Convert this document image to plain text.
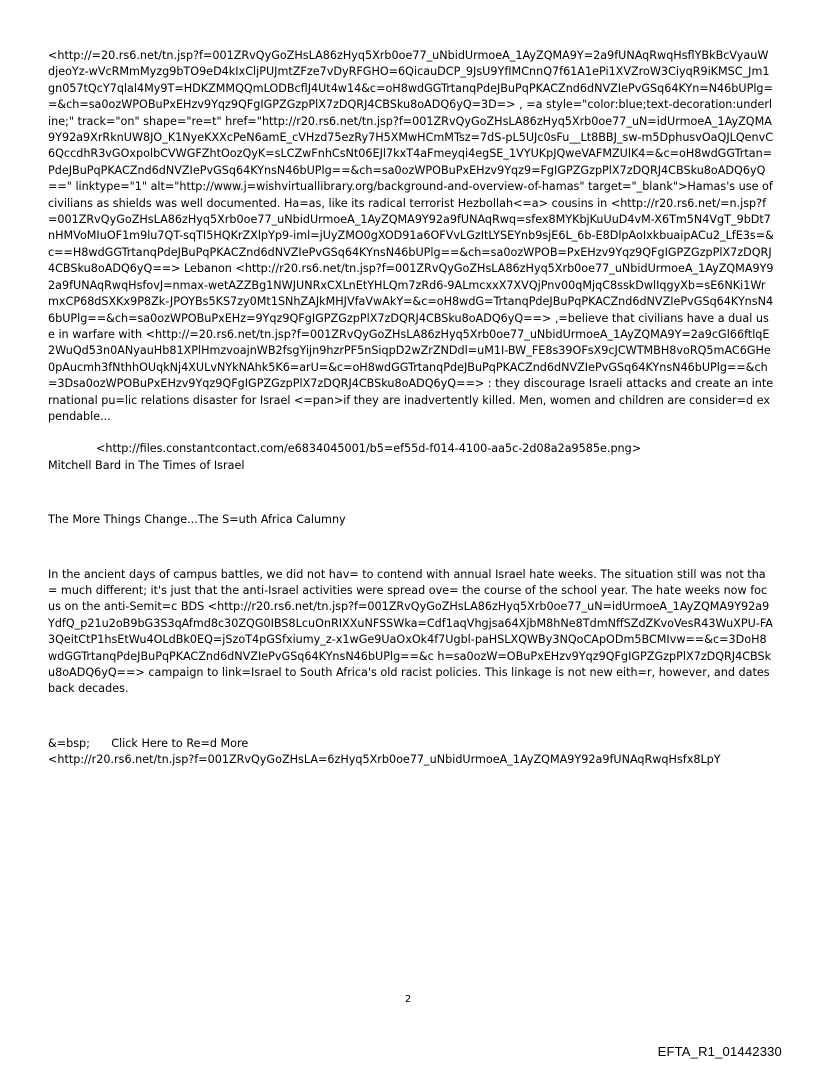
<http://=20.rs6.net/tn.jsp?f=001ZRvQyGoZHsLA86zHyq5Xrb0oe77_uNbidUrmoeA_1AyZQMA9Y=2a9fUNAqRwqHsflYBkBcVyauWdjeoYz-wVcRMmMyzg9bTO9eD4kIxCljPUJmtZFze7vDyRFGHO=6QicauDCP_9JsU9YfIMCnnQ7f61A1ePi1XVZroW3CiyqR9iKMSC_Jm1gn057tQcY7qlal4My9T=HDKZMMQQmLODBcflJ4Ut4w14&c=oH8wdGGTrtanqPdeJBuPqPKACZnd6dNVZIePvGSq64KYn=N46bUPlg==&ch=sa0ozWPOBuPxEHzv9Yqz9QFgIGPZGzpPlX7zDQRJ4CBSku8oADQ6yQ=3D=> , =a style="color:blue;text-decoration:underline;" track="on" shape="re=t" href="http://r20.rs6.net/tn.jsp?f=001ZRvQyGoZHsLA86zHyq5Xrb0oe77_uN=idUrmoeA_1AyZQMA9Y92a9XrRknUW8JO_K1NyeKXXcPeN6amE_cVHzd75ezRy7H5XMwHCmMTsz=7dS-pL5UJc0sFu__Lt8BBJ_sw-m5DphusvOaQJLQenvC6QccdhR3vGOxpolbCVWGFZhtOozQyK=sLCZwFnhCsNt06EJl7kxT4aFmeyqi4egSE_1VYUKpJQweVAFMZUlK4=&c=oH8wdGGTrtan=PdeJBuPqPKACZnd6dNVZIePvGSq64KYnsN46bUPlg==&ch=sa0ozWPOBuPxEHzv9Yqz9=FgIGPZGzpPlX7zDQRJ4CBSku8oADQ6yQ==" linktype="1" alt="http://www.j=wishvirtuallibrary.org/background-and-overview-of-hamas" target="_blank">Hamas's use of civilians as shields was well documented. Ha=as, like its radical terrorist Hezbollah<=a> cousins in <http://r20.rs6.net/=n.jsp?f=001ZRvQyGoZHsLA86zHyq5Xrb0oe77_uNbidUrmoeA_1AyZQMA9Y92a9fUNAqRwq=sfex8MYKbjKuUuD4vM-X6Tm5N4VgT_9bDt7nHMVoMIuOF1m9lu7QT-sqTI5HQKrZXlpYp9-iml=jUyZMO0gXOD91a6OFVvLGzItLYSEYnb9sjE6L_6b-E8DlpAoIxkbuaipACu2_LfE3s=&c==H8wdGGTrtanqPdeJBuPqPKACZnd6dNVZIePvGSq64KYnsN46bUPlg==&ch=sa0ozWPOB=PxEHzv9Yqz9QFgIGPZGzpPlX7zDQRJ4CBSku8oADQ6yQ==> Lebanon <http://r20.rs6.net/tn.jsp?f=001ZRvQyGoZHsLA86zHyq5Xrb0oe77_uNbidUrmoeA_1AyZQMA9Y92a9fUNAqRwqHsfovJ=nmax-wetAZZBg1NWJUNRxCXLnEtYHLQm7zRd6-9ALmcxxX7XVQjPnv00qMjqC8sskDwlIqgyXb=sE6NKi1WrmxCP68dSXKx9P8Zk-JPOYBs5KS7zy0Mt1SNhZAJkMHJVfaVwAkY=&c=oH8wdG=TrtanqPdeJBuPqPKACZnd6dNVZIePvGSq64KYnsN46bUPlg==&ch=sa0ozWPOBuPxEHz=9Yqz9QFgIGPZGzpPlX7zDQRJ4CBSku8oADQ6yQ==> ,=believe that civilians have a dual use in warfare with <http://=20.rs6.net/tn.jsp?f=001ZRvQyGoZHsLA86zHyq5Xrb0oe77_uNbidUrmoeA_1AyZQMA9Y=2a9cGl66ftlqE2WuQd53n0ANyauHb81XPlHmzvoajnWB2fsgYijn9hzrPF5nSiqpD2wZrZNDdl=uM1I-BW_FE8s39OFsX9cJCWTMBH8voRQ5mAC6GHe0pAucmh3fNthhOUqkNj4XULvNYkNAhk5K6=arU=&c=oH8wdGGTrtanqPdeJBuPqPKACZnd6dNVZIePvGSq64KYnsN46bUPlg==&ch=3Dsa0ozWPOBuPxEHzv9Yqz9QFgIGPZGzpPlX7zDQRJ4CBSku8oADQ6yQ==> : they discourage Israeli attacks and create an international pu=lic relations disaster for Israel <=pan>if they are inadvertently killed. Men, women and children are consider=d expendable...

<http://files.constantcontact.com/e6834045001/b5=ef55d-f014-4100-aa5c-2d08a2a9585e.png>

Mitchell Bard in The Times of Israel

The More Things Change...The S=uth Africa Calumny

In the ancient days of campus battles, we did not hav= to contend with annual Israel hate weeks. The situation still was not tha= much different; it's just that the anti-Israel activities were spread ove= the course of the school year. The hate weeks now focus on the anti-Semit=c BDS <http://r20.rs6.net/tn.jsp?f=001ZRvQyGoZHsLA86zHyq5Xrb0oe77_uN=idUrmoeA_1AyZQMA9Y92a9YdfQ_p21u2oB9bG3S3qAfmd8c30ZQG0IBS8LcuOnRIXXuNFSSWka=Cdf1aqVhgjsa64XjbM8hNe8TdmNffSZdZKvoVesR43WuXPU-FA3QeitCtP1hsEtWu4OLdBk0EQ=jSzoT4pGSfxiumy_z-x1wGe9UaOxOk4f7Ugbl-paHSLXQWBy3NQoCApODm5BCMIvw==&c=3DoH8wdGGTrtanqPdeJBuPqPKACZnd6dNVZIePvGSq64KYnsN46bUPlg==&c h=sa0ozW=OBuPxEHzv9Yqz9QFgIGPZGzpPlX7zDQRJ4CBSku8oADQ6yQ==> campaign to link=Israel to South Africa's old racist policies. This linkage is not new eith=r, however, and dates back decades.

&=bsp;      Click Here to Re=d More

<http://r20.rs6.net/tn.jsp?f=001ZRvQyGoZHsLA=6zHyq5Xrb0oe77_uNbidUrmoeA_1AyZQMA9Y92a9fUNAqRwqHsfx8LpY

2
EFTA_R1_01442330
